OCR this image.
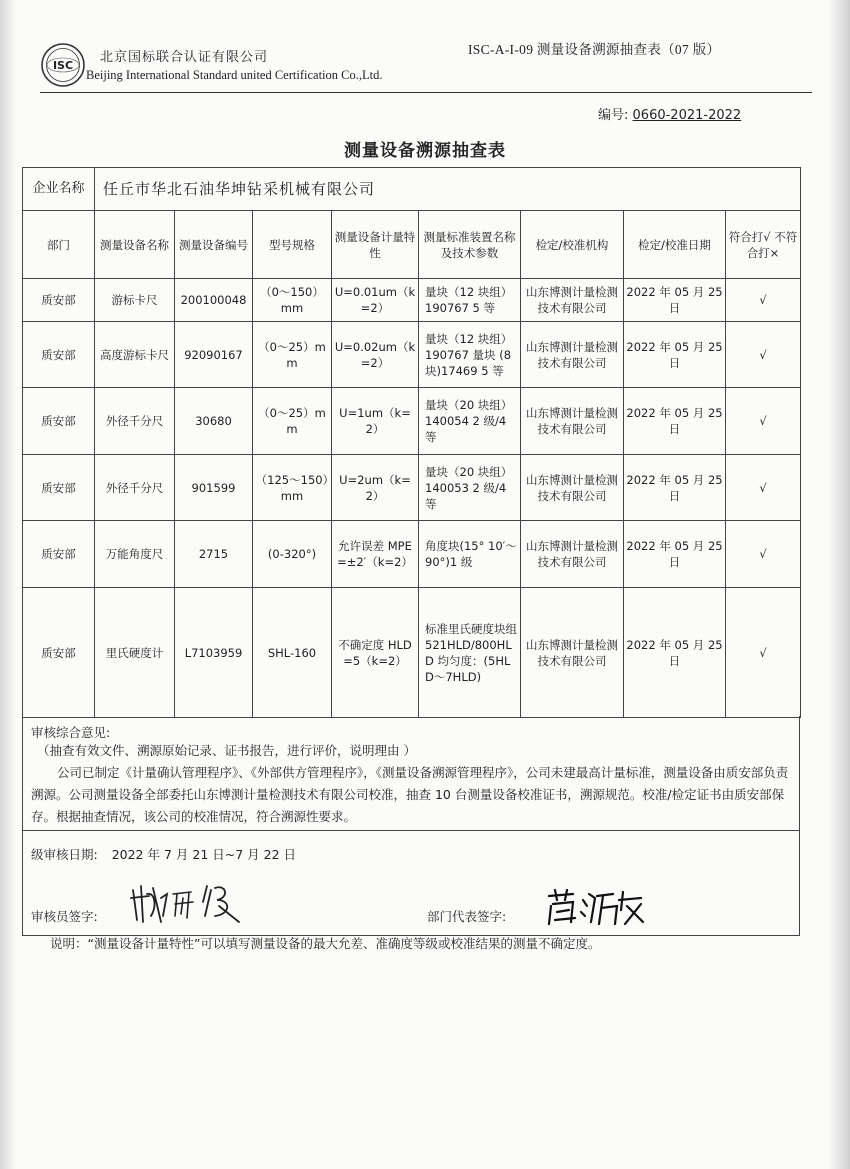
ISC
北京国标联合认证有限公司
Beijing International Standard united Certification Co.,Ltd.
ISC-A-I-09 测量设备溯源抽查表（07 版）
编号: 0660-2021-2022
测量设备溯源抽查表
企业名称	任丘市华北石油华坤钻采机械有限公司							
部门	测量设备名称	测量设备编号	型号规格	测量设备计量特性	测量标准装置名称及技术参数	检定/校准机构	检定/校准日期	符合打√ 不符合打×
质安部	游标卡尺	200100048	（0～150）mm	U=0.01um（k=2）	量块（12 块组）190767 5 等	山东博测计量检测技术有限公司	2022 年 05 月 25 日	√
质安部	高度游标卡尺	92090167	（0～25）mm	U=0.02um（k=2）	量块（12 块组）190767 量块 (8 块)17469 5 等	山东博测计量检测技术有限公司	2022 年 05 月 25 日	√
质安部	外径千分尺	30680	（0～25）mm	U=1um（k=2）	量块（20 块组）140054 2 级/4 等	山东博测计量检测技术有限公司	2022 年 05 月 25 日	√
质安部	外径千分尺	901599	（125～150）mm	U=2um（k=2）	量块（20 块组）140053 2 级/4 等	山东博测计量检测技术有限公司	2022 年 05 月 25 日	√
质安部	万能角度尺	2715	(0-320°)	允许误差 MPE=±2′（k=2）	角度块(15° 10′～90°)1 级	山东博测计量检测技术有限公司	2022 年 05 月 25 日	√
质安部	里氏硬度计	L7103959	SHL-160	不确定度 HLD=5（k=2）	标准里氏硬度块组 521HLD/800HLD 均匀度：(5HLD～7HLD)	山东博测计量检测技术有限公司	2022 年 05 月 25 日	√
审核综合意见:
（抽查有效文件、溯源原始记录、证书报告，进行评价，说明理由 ）
公司已制定《计量确认管理程序》、《外部供方管理程序》，《测量设备溯源管理程序》，公司未建最高计量标准，测量设备由质安部负责溯源。公司测量设备全部委托山东博测计量检测技术有限公司校准，抽查 10 台测量设备校准证书，溯源规范。校准/检定证书由质安部保存。根据抽查情况，该公司的校准情况，符合溯源性要求。
级审核日期: 2022 年 7 月 21 日~7 月 22 日
审核员签字:	部门代表签字:
说明：“测量设备计量特性”可以填写测量设备的最大允差、准确度等级或校准结果的测量不确定度。
